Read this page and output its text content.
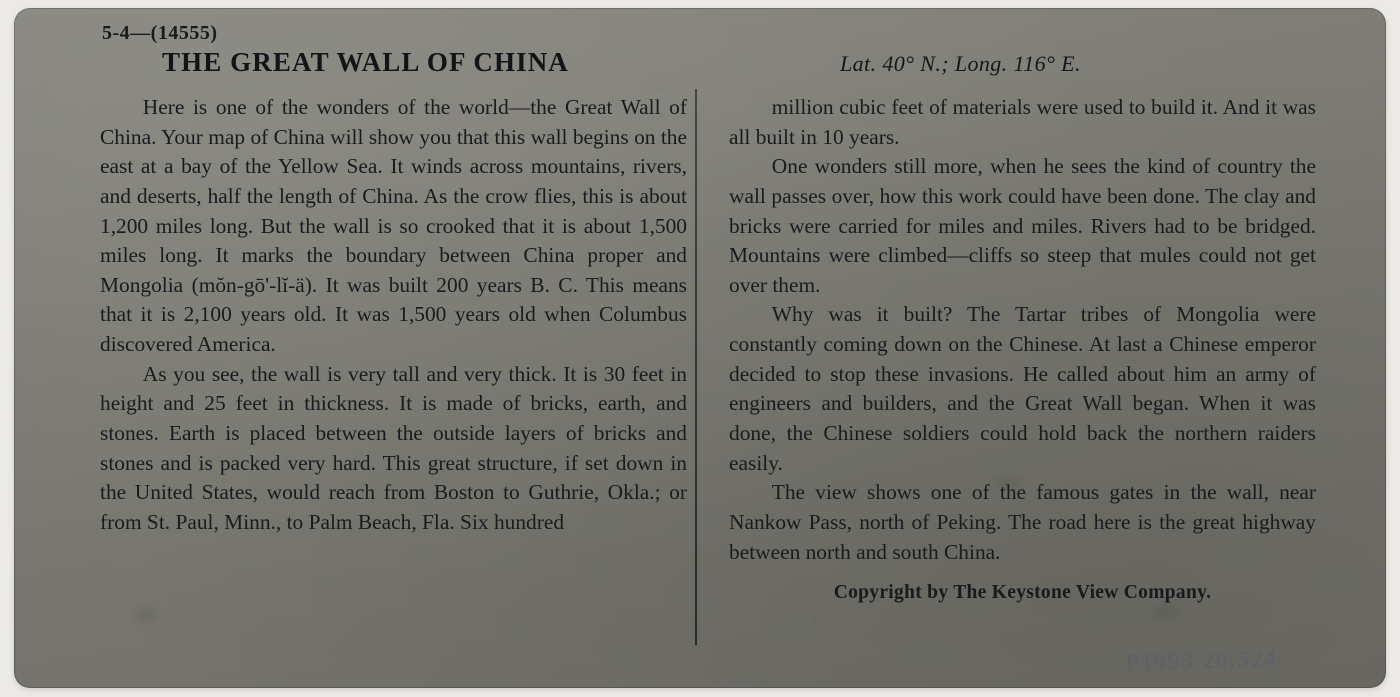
5-4—(14555)
THE GREAT WALL OF CHINA	Lat. 40° N.; Long. 116° E.

Here is one of the wonders of the world—the Great Wall of China. Your map of China will show you that this wall begins on the east at a bay of the Yellow Sea. It winds across mountains, rivers, and deserts, half the length of China. As the crow flies, this is about 1,200 miles long. But the wall is so crooked that it is about 1,500 miles long. It marks the boundary between China proper and Mongolia (mŏn-gō'-lĭ-ä). It was built 200 years B. C. This means that it is 2,100 years old. It was 1,500 years old when Columbus discovered America.

As you see, the wall is very tall and very thick. It is 30 feet in height and 25 feet in thickness. It is made of bricks, earth, and stones. Earth is placed between the outside layers of bricks and stones and is packed very hard. This great structure, if set down in the United States, would reach from Boston to Guthrie, Okla.; or from St. Paul, Minn., to Palm Beach, Fla. Six hundred

million cubic feet of materials were used to build it. And it was all built in 10 years.

One wonders still more, when he sees the kind of country the wall passes over, how this work could have been done. The clay and bricks were carried for miles and miles. Rivers had to be bridged. Mountains were climbed—cliffs so steep that mules could not get over them.

Why was it built? The Tartar tribes of Mongolia were constantly coming down on the Chinese. At last a Chinese emperor decided to stop these invasions. He called about him an army of engineers and builders, and the Great Wall began. When it was done, the Chinese soldiers could hold back the northern raiders easily.

The view shows one of the famous gates in the wall, near Nankow Pass, north of Peking. The road here is the great highway between north and south China.

Copyright by The Keystone View Company.
P1993.20.524
